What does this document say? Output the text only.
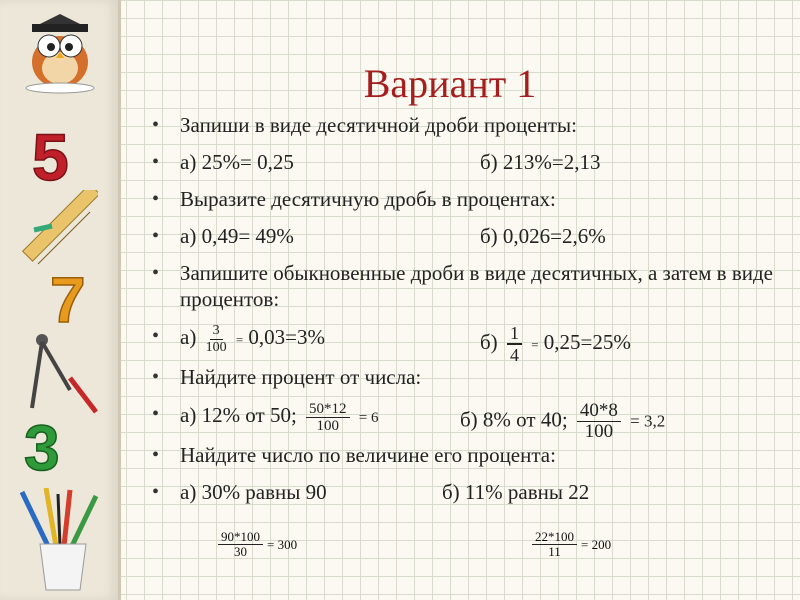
5
7
3
Вариант 1
• Запиши в виде десятичной дроби проценты:
• а) 25%= 0,25	б) 213%=2,13
• Выразите десятичную дробь в процентах:
• а) 0,49= 49%	б) 0,026=2,6%
• Запишите обыкновенные дроби в виде десятичных, а затем в виде процентов:
• $а) \frac{3}{100} = 0,03=3\%$	$б) \frac{1}{4} = 0,25=25\%$
• Найдите процент от числа:
• а) 12% от 50; $\frac{50*12}{100} = 6$	б) 8% от 40; $\frac{40*8}{100} = 3,2$
• Найдите число по величине его процента:
• а) 30% равны 90	б) 11% равны 22
$\frac{90*100}{30} = 300$	$\frac{22*100}{11} = 200$
